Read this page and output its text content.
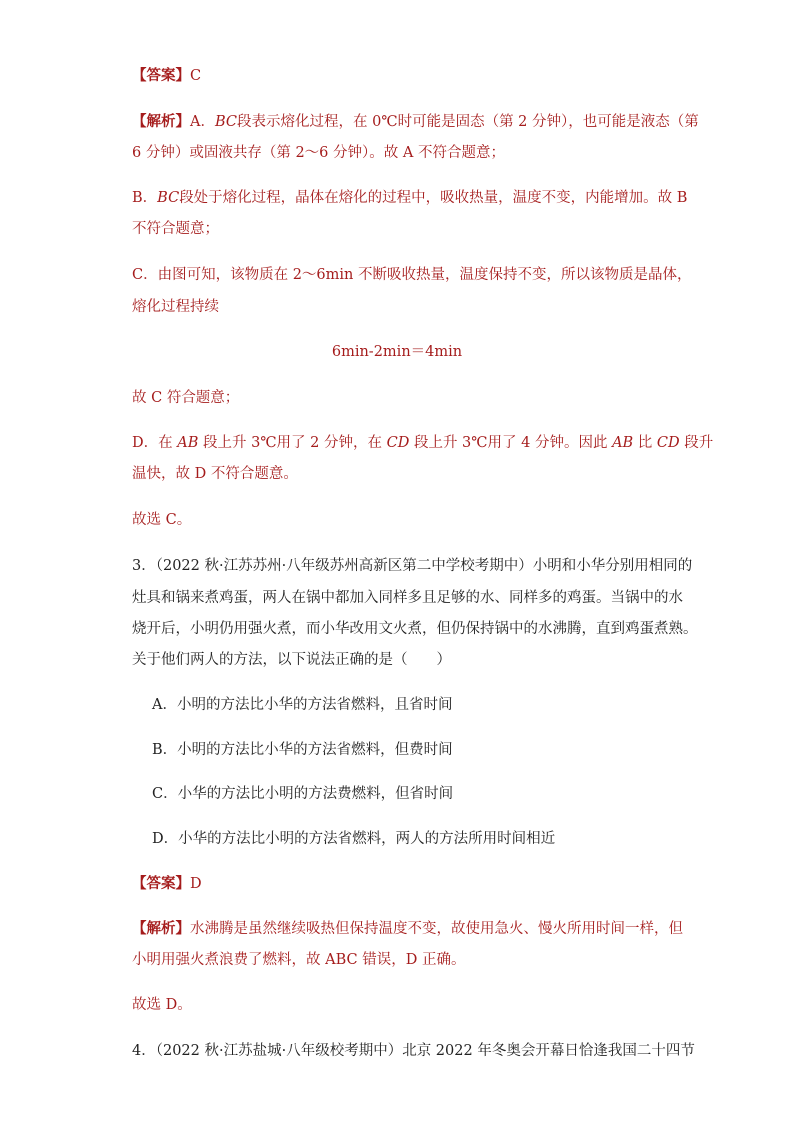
【答案】C
【解析】A．BC段表示熔化过程，在 0℃时可能是固态（第 2 分钟），也可能是液态（第
6 分钟）或固液共存（第 2～6 分钟）。故 A 不符合题意；
B．BC段处于熔化过程，晶体在熔化的过程中，吸收热量，温度不变，内能增加。故 B
不符合题意；
C．由图可知，该物质在 2～6min 不断吸收热量，温度保持不变，所以该物质是晶体，
熔化过程持续
6min-2min＝4min
故 C 符合题意；
D．在 AB 段上升 3℃用了 2 分钟，在 CD 段上升 3℃用了 4 分钟。因此 AB 比 CD 段升
温快，故 D 不符合题意。
故选 C。
3．（2022 秋·江苏苏州·八年级苏州高新区第二中学校考期中）小明和小华分别用相同的
灶具和锅来煮鸡蛋，两人在锅中都加入同样多且足够的水、同样多的鸡蛋。当锅中的水
烧开后，小明仍用强火煮，而小华改用文火煮，但仍保持锅中的水沸腾，直到鸡蛋煮熟。
关于他们两人的方法，以下说法正确的是（　　）
A．小明的方法比小华的方法省燃料，且省时间
B．小明的方法比小华的方法省燃料，但费时间
C．小华的方法比小明的方法费燃料，但省时间
D．小华的方法比小明的方法省燃料，两人的方法所用时间相近
【答案】D
【解析】水沸腾是虽然继续吸热但保持温度不变，故使用急火、慢火所用时间一样，但
小明用强火煮浪费了燃料，故 ABC 错误，D 正确。
故选 D。
4．（2022 秋·江苏盐城·八年级校考期中）北京 2022 年冬奥会开幕日恰逢我国二十四节
